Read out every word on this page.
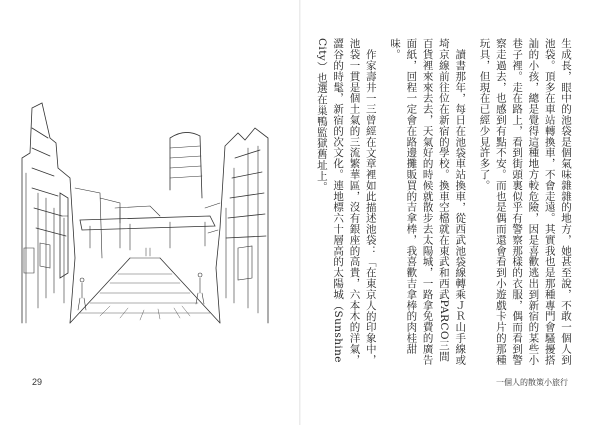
29	一個人的散策小旅行

生成長，眼中的池袋是個氣味雜雜的地方，她甚至說，不敢一個人到池袋。頂多在車站轉換車，不會走遠。其實我也是那種專門會騷擾搭訕的小孩，總是覺得這種地方較危險，因是喜歡逃出到新宿的某些小巷子裡。走在路上，看到街頭裏似乎有警察那樣的衣服，偶而看到警察走過去，也感到有點不安。而也是偶而還會看到小遊戲卡片的那種玩具，但現在已經少見許多了。

讀書那年，每日在池袋車站換車，從西武池袋線轉乘ＪＲ山手線或埼京線前往位在新宿的學校。換車空檔就在東武和西武PARCO三間百貨裡來來去去，天氣好的時候就散步去太陽城，一路拿免費的廣告面紙，回程一定會在路邊攤販買的吉拿棒，我喜歡吉拿棒的肉桂甜味。

作家壽井一三曾經在文章裡如此描述池袋：「在東京人的印象中，池袋一貫是個土氣的三流繁華區，沒有銀座的高貴，六本木的洋氣，澀谷的時髦，新宿的次文化。連地標六十層高的太陽城（Sunshine City）也選在巢鴨監獄舊址上。
